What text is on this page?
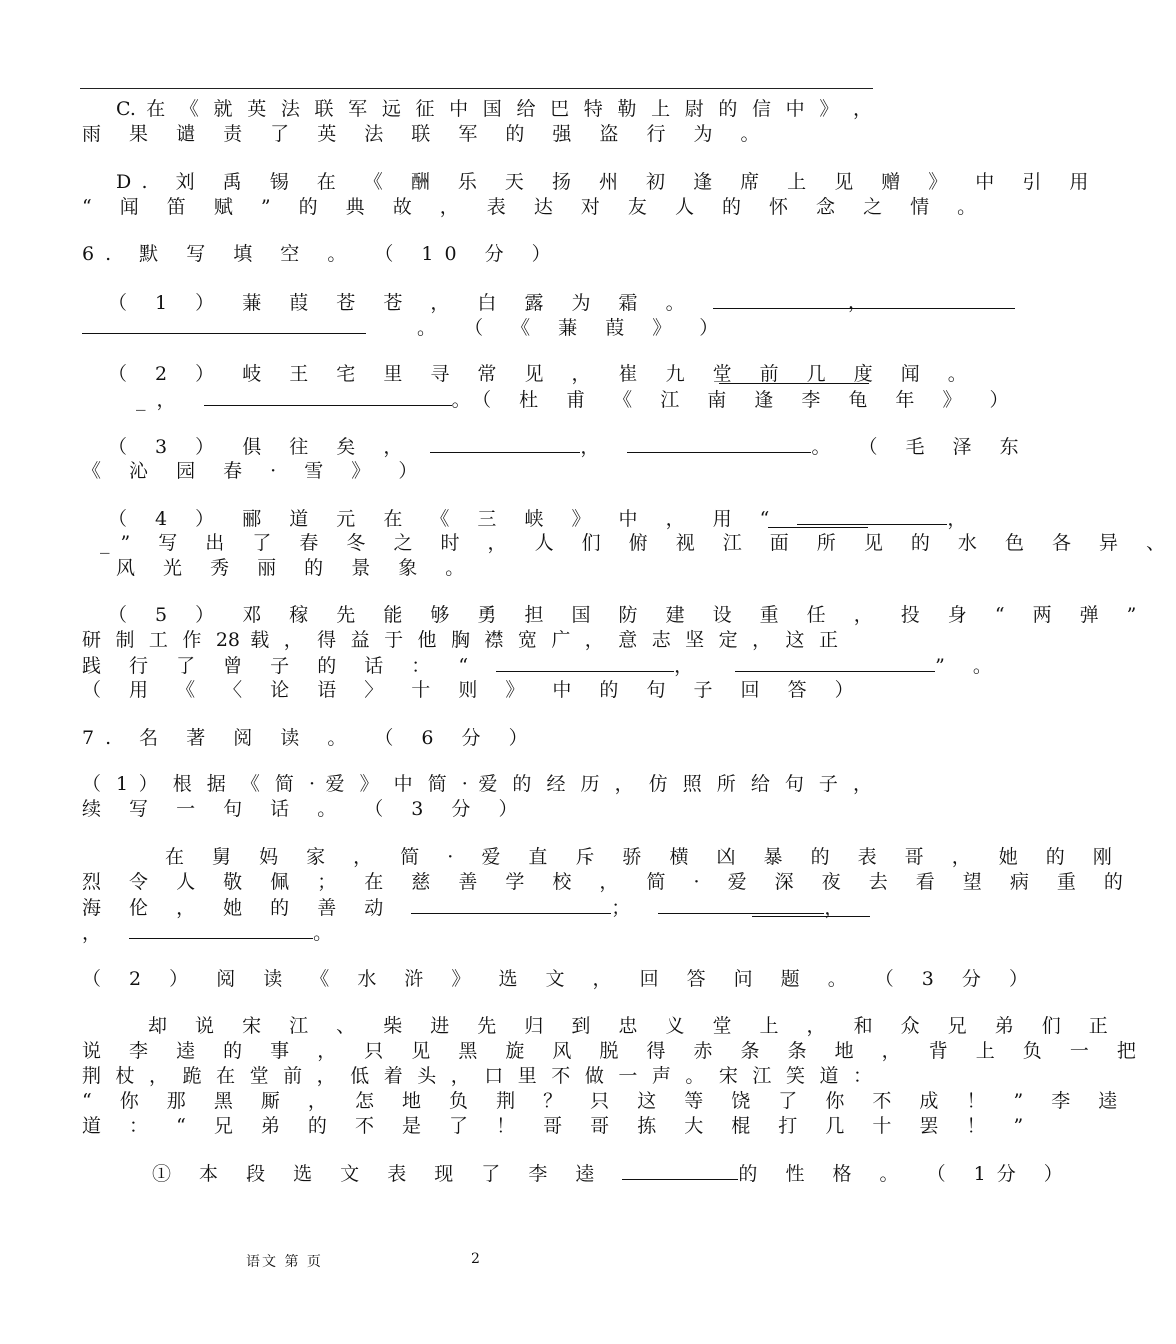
C. 在 《 就 英 法 联 军 远 征 中 国 给 巴 特 勒 上 尉 的 信 中 》 ，
雨 果 谴 责 了 英 法 联 军 的 强 盗 行 为 。
D. 刘 禹 锡 在 《 酬 乐 天 扬 州 初 逢 席 上 见 赠 》 中 引 用
“ 闻 笛 赋 ” 的 典 故 ， 表 达 对 友 人 的 怀 念 之 情 。
6. 默 写 填 空 。 （ 10 分 ）
（ 1 ） 蒹 葭 苍 苍 ， 白 露 为 霜 。	，
。 （ 《 蒹 葭 》 ）
（ 2 ） 岐 王 宅 里 寻 常 见 ， 崔 九 堂 前 几 度 闻 。
_，	。（ 杜 甫 《 江 南 逢 李 龟 年 》 ）
（ 3 ） 俱 往 矣 ，	，	。 （ 毛 泽 东
《 沁 园 春 · 雪 》 ）
（ 4 ） 郦 道 元 在 《 三 峡 》 中 ， 用 “	，
_” 写 出 了 春 冬 之 时 ， 人 们 俯 视 江 面 所 见 的 水 色 各 异 、
风 光 秀 丽 的 景 象 。
（ 5 ） 邓 稼 先 能 够 勇 担 国 防 建 设 重 任 ， 投 身 “ 两 弹 ”
研 制 工 作 28 载 ， 得 益 于 他 胸 襟 宽 广 ， 意 志 坚 定 ， 这 正
践 行 了 曾 子 的 话 ： “	，	” 。
（ 用 《 〈 论 语 〉 十 则 》 中 的 句 子 回 答 ）
7. 名 著 阅 读 。 （ 6 分 ）
（ 1 ） 根 据 《 简 · 爱 》 中 简 · 爱 的 经 历 ， 仿 照 所 给 句 子 ，
续 写 一 句 话 。 （ 3 分 ）
在 舅 妈 家 ， 简 · 爱 直 斥 骄 横 凶 暴 的 表 哥 ， 她 的 刚
烈 令 人 敬 佩 ； 在 慈 善 学 校 ， 简 · 爱 深 夜 去 看 望 病 重 的
海 伦 ， 她 的 善 动	；	，
，	。
（ 2 ） 阅 读 《 水 浒 》 选 文 ， 回 答 问 题 。 （ 3 分 ）
却 说 宋 江 、 柴 进 先 归 到 忠 义 堂 上 ， 和 众 兄 弟 们 正
说 李 逵 的 事 ， 只 见 黑 旋 风 脱 得 赤 条 条 地 ， 背 上 负 一 把
荆 杖 ， 跪 在 堂 前 ， 低 着 头 ， 口 里 不 做 一 声 。 宋 江 笑 道 ：
“ 你 那 黑 厮 ， 怎 地 负 荆 ？ 只 这 等 饶 了 你 不 成 ！ ” 李 逵
道 ： “ 兄 弟 的 不 是 了 ！ 哥 哥 拣 大 棍 打 几 十 罢 ！ ”
① 本 段 选 文 表 现 了 李 逵	的 性 格 。 （ 1分 ）
语文 第 页	2
